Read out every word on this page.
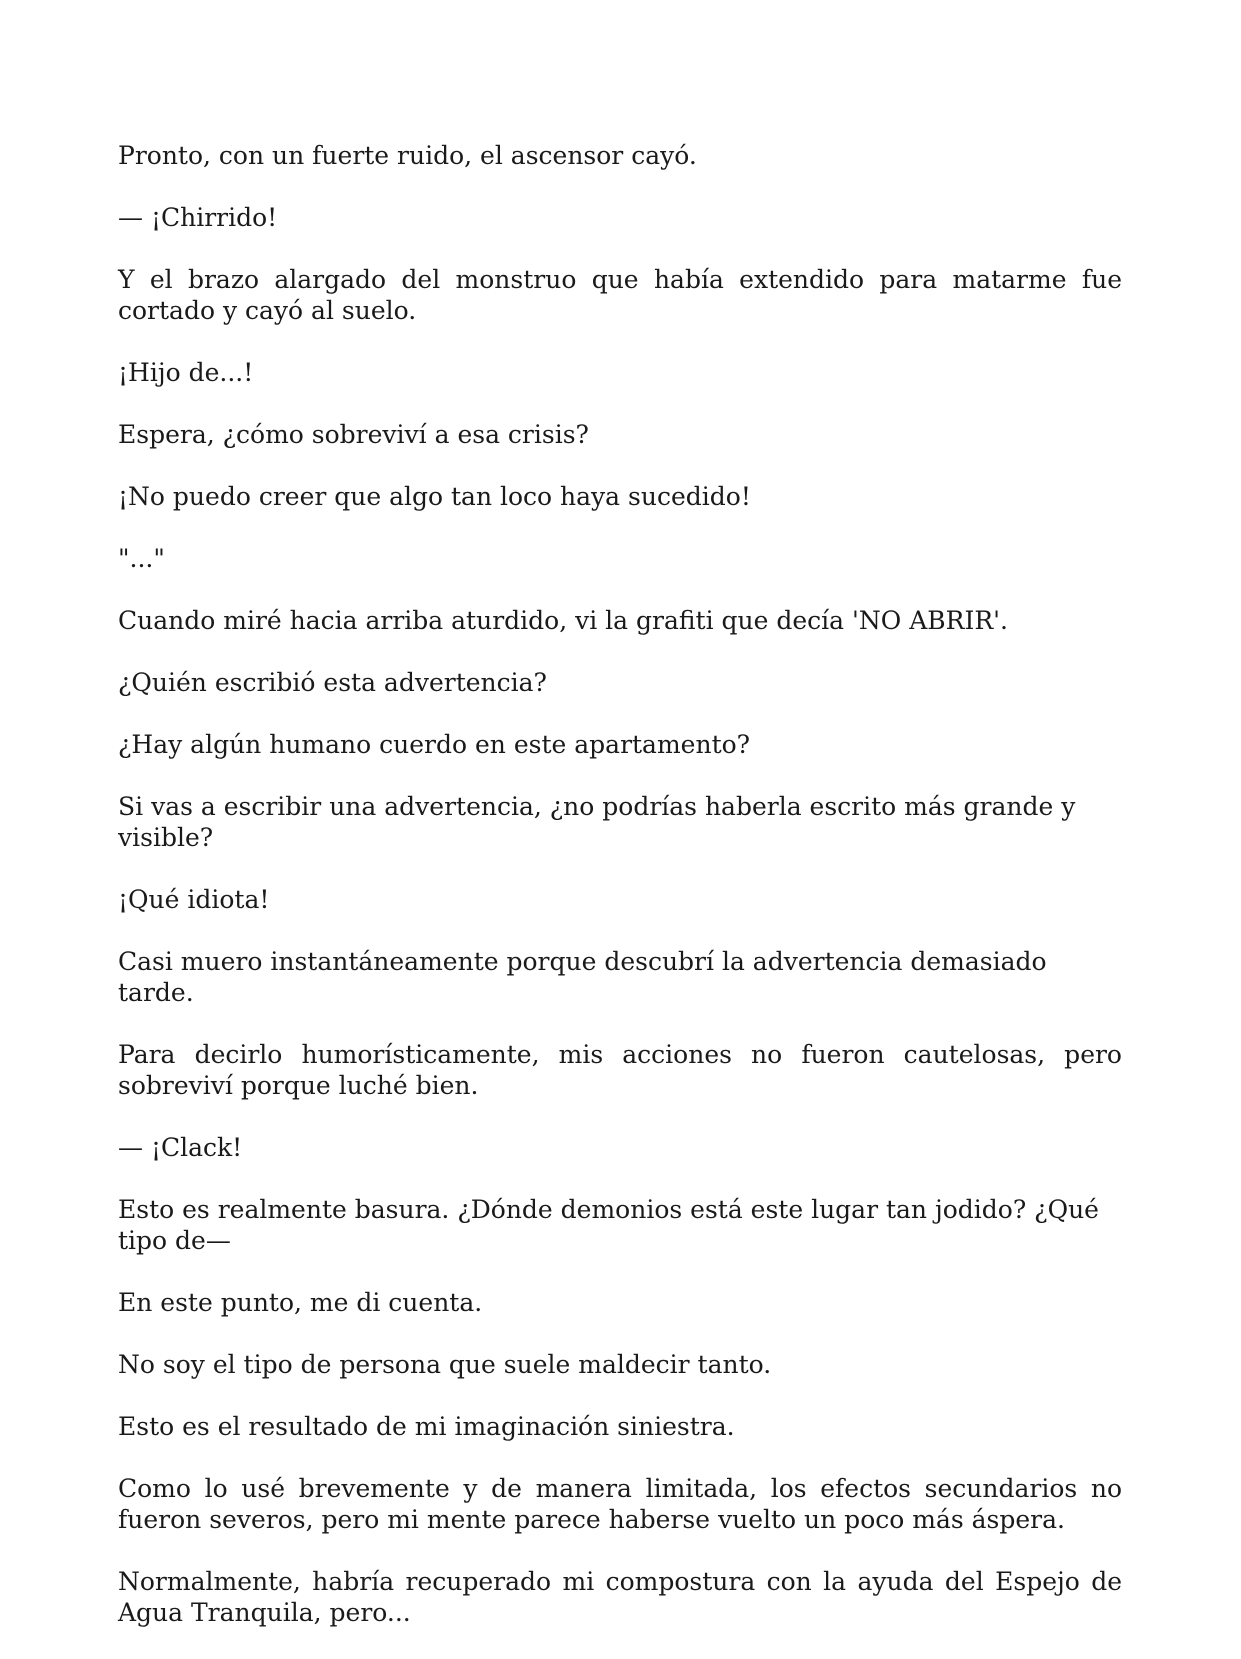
Pronto, con un fuerte ruido, el ascensor cayó.

— ¡Chirrido!

Y el brazo alargado del monstruo que había extendido para matarme fue cortado y cayó al suelo.

¡Hijo de...!

Espera, ¿cómo sobreviví a esa crisis?

¡No puedo creer que algo tan loco haya sucedido!

"..."

Cuando miré hacia arriba aturdido, vi la grafiti que decía 'NO ABRIR'.

¿Quién escribió esta advertencia?

¿Hay algún humano cuerdo en este apartamento?

Si vas a escribir una advertencia, ¿no podrías haberla escrito más grande y visible?

¡Qué idiota!

Casi muero instantáneamente porque descubrí la advertencia demasiado tarde.

Para decirlo humorísticamente, mis acciones no fueron cautelosas, pero sobreviví porque luché bien.

— ¡Clack!

Esto es realmente basura. ¿Dónde demonios está este lugar tan jodido? ¿Qué tipo de—

En este punto, me di cuenta.

No soy el tipo de persona que suele maldecir tanto.

Esto es el resultado de mi imaginación siniestra.

Como lo usé brevemente y de manera limitada, los efectos secundarios no fueron severos, pero mi mente parece haberse vuelto un poco más áspera.

Normalmente, habría recuperado mi compostura con la ayuda del Espejo de Agua Tranquila, pero...
